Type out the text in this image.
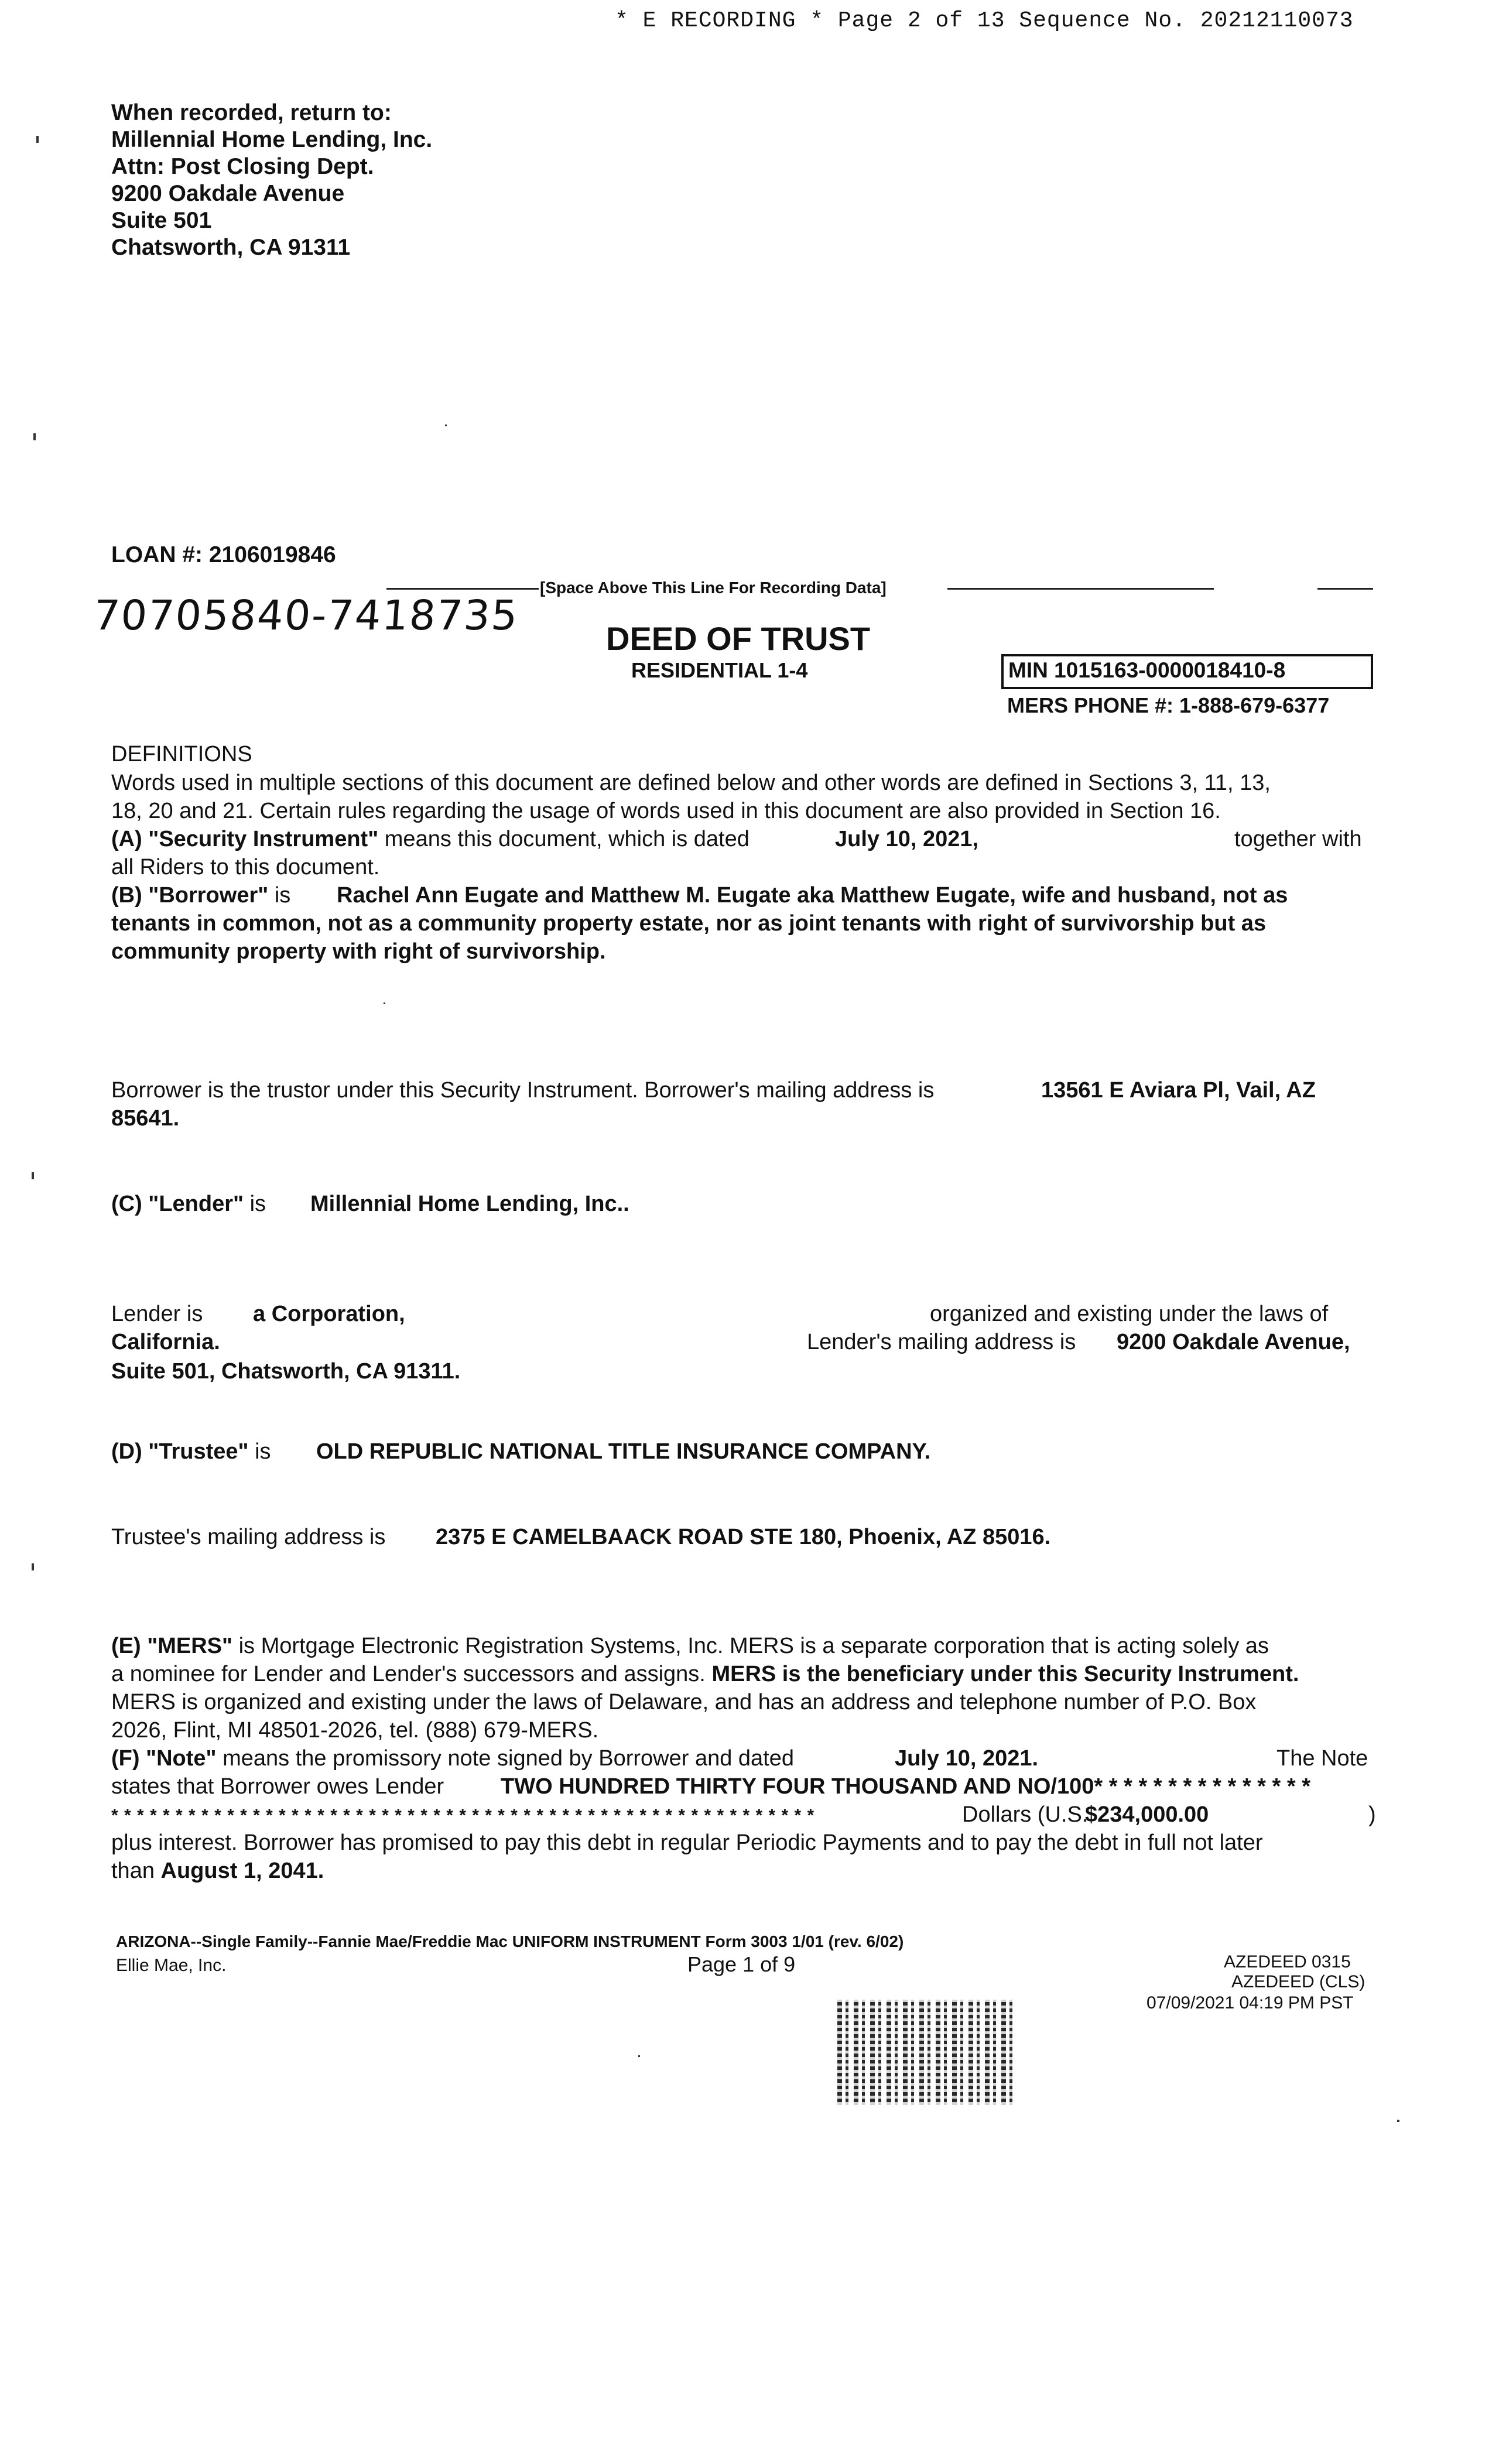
* E RECORDING * Page 2 of 13 Sequence No. 20212110073
When recorded, return to:
Millennial Home Lending, Inc.
Attn: Post Closing Dept.
9200 Oakdale Avenue
Suite 501
Chatsworth, CA 91311
LOAN #: 2106019846
70705840-7418735
[Space Above This Line For Recording Data]
DEED OF TRUST
RESIDENTIAL 1-4	MIN 1015163-0000018410-8
MERS PHONE #: 1-888-679-6377
DEFINITIONS
Words used in multiple sections of this document are defined below and other words are defined in Sections 3, 11, 13,
18, 20 and 21. Certain rules regarding the usage of words used in this document are also provided in Section 16.
(A) "Security Instrument" means this document, which is dated	July 10, 2021,	together with
all Riders to this document.
(B) "Borrower" is Rachel Ann Eugate and Matthew M. Eugate aka Matthew Eugate, wife and husband, not as
tenants in common, not as a community property estate, nor as joint tenants with right of survivorship but as
community property with right of survivorship.
Borrower is the trustor under this Security Instrument. Borrower's mailing address is	13561 E Aviara Pl, Vail, AZ
85641.
(C) "Lender" is Millennial Home Lending, Inc..
Lender is a Corporation,	organized and existing under the laws of
California.	Lender's mailing address is 9200 Oakdale Avenue,
Suite 501, Chatsworth, CA 91311.
(D) "Trustee" is OLD REPUBLIC NATIONAL TITLE INSURANCE COMPANY.
Trustee's mailing address is 2375 E CAMELBAACK ROAD STE 180, Phoenix, AZ 85016.
(E) "MERS" is Mortgage Electronic Registration Systems, Inc. MERS is a separate corporation that is acting solely as
a nominee for Lender and Lender's successors and assigns. MERS is the beneficiary under this Security Instrument.
MERS is organized and existing under the laws of Delaware, and has an address and telephone number of P.O. Box
2026, Flint, MI 48501-2026, tel. (888) 679-MERS.
(F) "Note" means the promissory note signed by Borrower and dated	July 10, 2021.	The Note
states that Borrower owes Lender	TWO HUNDRED THIRTY FOUR THOUSAND AND NO/100* * * * * * * * * * * * * * *
* * * * * * * * * * * * * * * * * * * * * * * * * * * * * * * * * * * * * * * * * * * * * * * * * * * * * * *	Dollars (U.S.
$234,000.00	)
plus interest. Borrower has promised to pay this debt in regular Periodic Payments and to pay the debt in full not later
than August 1, 2041.
ARIZONA--Single Family--Fannie Mae/Freddie Mac UNIFORM INSTRUMENT Form 3003 1/01 (rev. 6/02)
Ellie Mae, Inc.	Page 1 of 9	AZEDEED 0315
AZEDEED (CLS)
07/09/2021 04:19 PM PST
